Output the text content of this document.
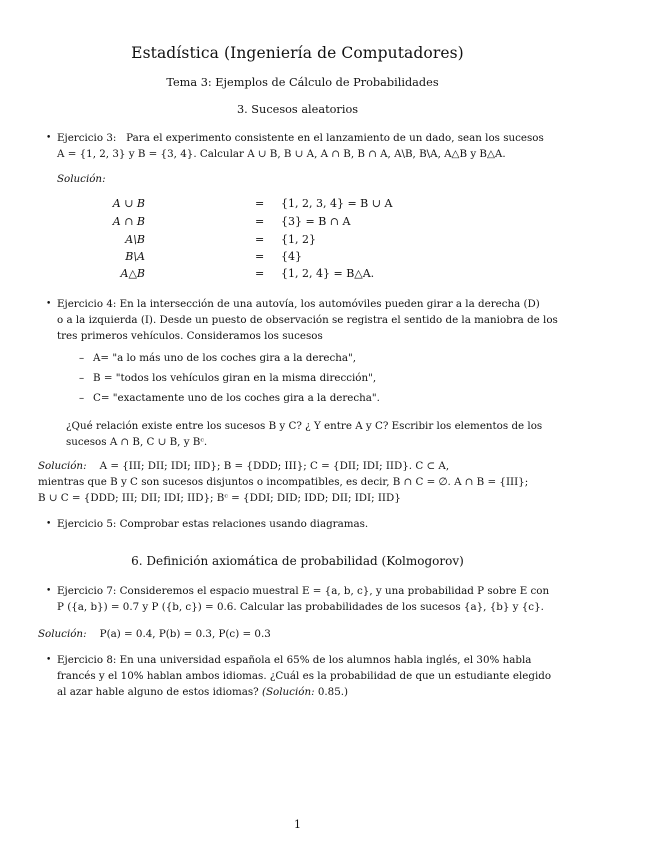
Estadística (Ingeniería de Computadores)
Tema 3: Ejemplos de Cálculo de Probabilidades
3. Sucesos aleatorios
• Ejercicio 3: Para el experimento consistente en el lanzamiento de un dado, sean los sucesos
A = {1, 2, 3} y B = {3, 4}. Calcular A ∪ B, B ∪ A, A ∩ B, B ∩ A, A\B, B\A, A△B y B△A.
Solución:
A ∪ B	= {1, 2, 3, 4} = B ∪ A
A ∩ B	= {3} = B ∩ A
A\B	= {1, 2}
B\A	= {4}
A△B	= {1, 2, 4} = B△A.
• Ejercicio 4: En la intersección de una autovía, los automóviles pueden girar a la derecha (D)
o a la izquierda (I). Desde un puesto de observación se registra el sentido de la maniobra de los
tres primeros vehículos. Consideramos los sucesos
– A= "a lo más uno de los coches gira a la derecha",
– B = "todos los vehículos giran en la misma dirección",
– C= "exactamente uno de los coches gira a la derecha".
¿Qué relación existe entre los sucesos B y C? ¿ Y entre A y C? Escribir los elementos de los
sucesos A ∩ B, C ∪ B, y Bᶜ.
Solución: A = {III; DII; IDI; IID}; B = {DDD; III}; C = {DII; IDI; IID}. C ⊂ A,
mientras que B y C son sucesos disjuntos o incompatibles, es decir, B ∩ C = ∅. A ∩ B = {III};
B ∪ C = {DDD; III; DII; IDI; IID}; Bᶜ = {DDI; DID; IDD; DII; IDI; IID}
• Ejercicio 5: Comprobar estas relaciones usando diagramas.
6. Definición axiomática de probabilidad (Kolmogorov)
• Ejercicio 7: Consideremos el espacio muestral E = {a, b, c}, y una probabilidad P sobre E con
P ({a, b}) = 0.7 y P ({b, c}) = 0.6. Calcular las probabilidades de los sucesos {a}, {b} y {c}.
Solución: P(a) = 0.4, P(b) = 0.3, P(c) = 0.3
• Ejercicio 8: En una universidad española el 65% de los alumnos habla inglés, el 30% habla
francés y el 10% hablan ambos idiomas. ¿Cuál es la probabilidad de que un estudiante elegido
al azar hable alguno de estos idiomas? (Solución: 0.85.)
1
